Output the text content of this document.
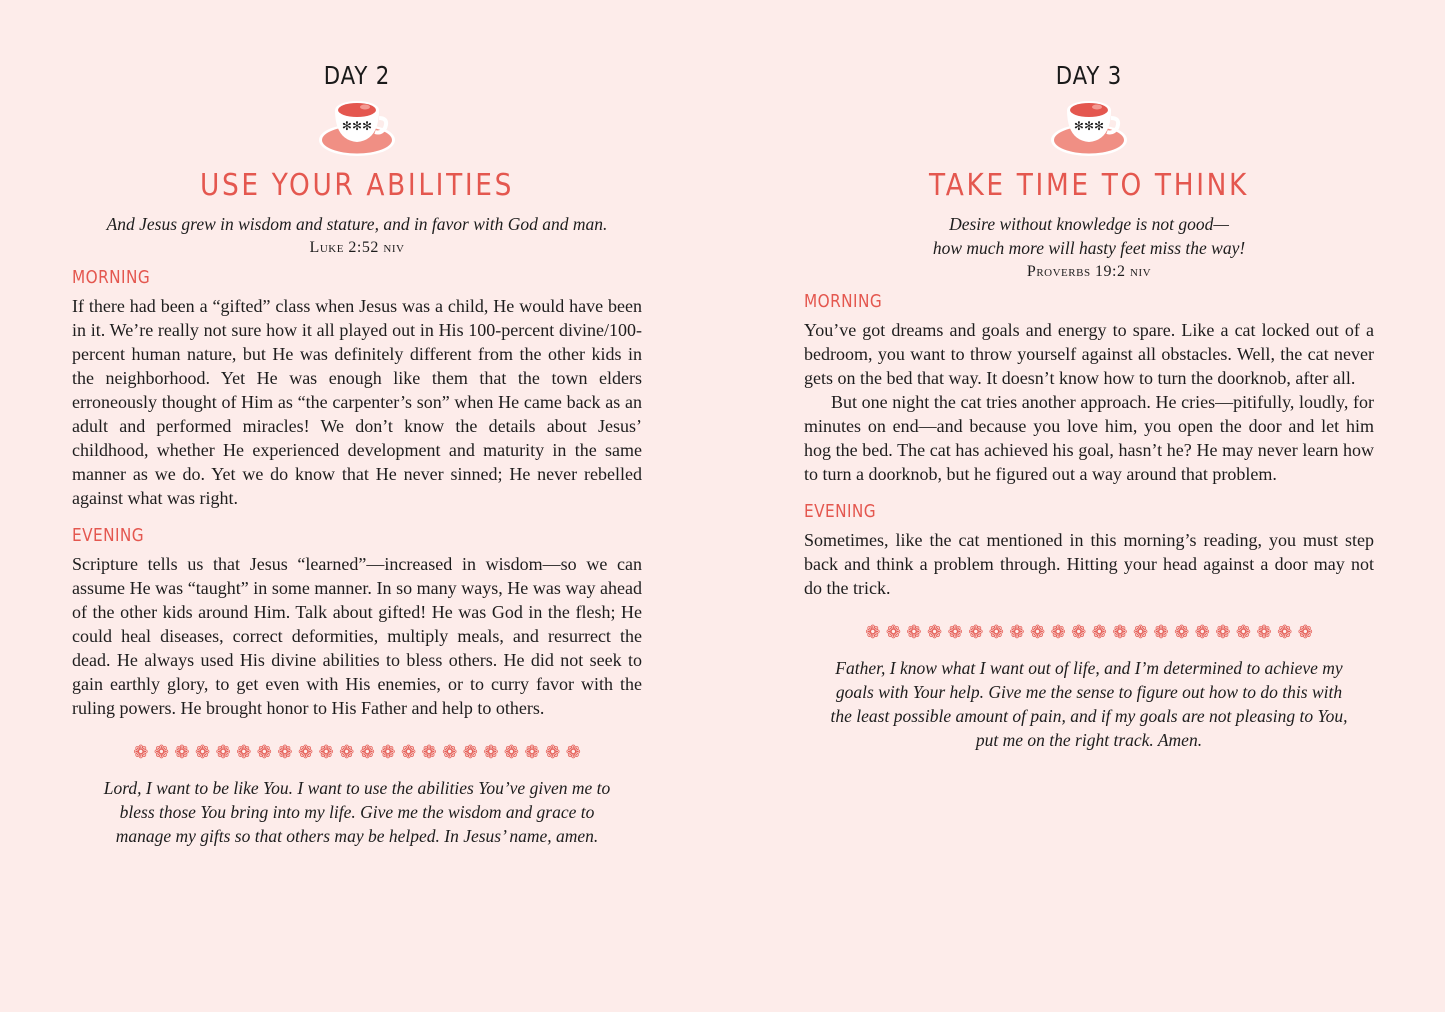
DAY 2
✻✻✻
USE YOUR ABILITIES
And Jesus grew in wisdom and stature, and in favor with God and man.
Luke 2:52 niv
MORNING

If there had been a “gifted” class when Jesus was a child, He would have been in it. We’re really not sure how it all played out in His 100-percent divine/100-percent human nature, but He was definitely different from the other kids in the neighborhood. Yet He was enough like them that the town elders erroneously thought of Him as “the carpenter’s son” when He came back as an adult and performed miracles! We don’t know the details about Jesus’ childhood, whether He experienced development and maturity in the same manner as we do. Yet we do know that He never sinned; He never rebelled against what was right.

EVENING

Scripture tells us that Jesus “learned”—increased in wisdom—so we can assume He was “taught” in some manner. In so many ways, He was way ahead of the other kids around Him. Talk about gifted! He was God in the flesh; He could heal diseases, correct deformities, multiply meals, and resurrect the dead. He always used His divine abilities to bless others. He did not seek to gain earthly glory, to get even with His enemies, or to curry favor with the ruling powers. He brought honor to His Father and help to others.

❁ ❁ ❁ ❁ ❁ ❁ ❁ ❁ ❁ ❁ ❁ ❁ ❁ ❁ ❁ ❁ ❁ ❁ ❁ ❁ ❁ ❁
Lord, I want to be like You. I want to use the abilities You’ve given me to bless those You bring into my life. Give me the wisdom and grace to manage my gifts so that others may be helped. In Jesus’ name, amen.
DAY 3
✻✻✻
TAKE TIME TO THINK
Desire without knowledge is not good—
how much more will hasty feet miss the way!
Proverbs 19:2 niv
MORNING

You’ve got dreams and goals and energy to spare. Like a cat locked out of a bedroom, you want to throw yourself against all obstacles. Well, the cat never gets on the bed that way. It doesn’t know how to turn the doorknob, after all.

But one night the cat tries another approach. He cries—pitifully, loudly, for minutes on end—and because you love him, you open the door and let him hog the bed. The cat has achieved his goal, hasn’t he? He may never learn how to turn a doorknob, but he figured out a way around that problem.

EVENING

Sometimes, like the cat mentioned in this morning’s reading, you must step back and think a problem through. Hitting your head against a door may not do the trick.

❁ ❁ ❁ ❁ ❁ ❁ ❁ ❁ ❁ ❁ ❁ ❁ ❁ ❁ ❁ ❁ ❁ ❁ ❁ ❁ ❁ ❁
Father, I know what I want out of life, and I’m determined to achieve my goals with Your help. Give me the sense to figure out how to do this with the least possible amount of pain, and if my goals are not pleasing to You, put me on the right track. Amen.
